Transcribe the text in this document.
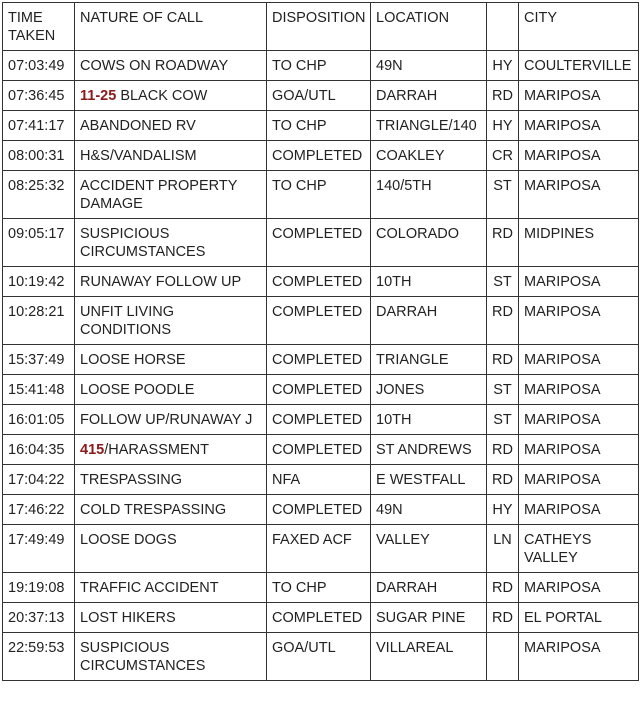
TIME TAKEN	NATURE OF CALL	DISPOSITION	LOCATION		CITY
07:03:49	COWS ON ROADWAY	TO CHP	49N	HY	COULTERVILLE
07:36:45	11-25 BLACK COW	GOA/UTL	DARRAH	RD	MARIPOSA
07:41:17	ABANDONED RV	TO CHP	TRIANGLE/140	HY	MARIPOSA
08:00:31	H&S/VANDALISM	COMPLETED	COAKLEY	CR	MARIPOSA
08:25:32	ACCIDENT PROPERTY DAMAGE	TO CHP	140/5TH	ST	MARIPOSA
09:05:17	SUSPICIOUS CIRCUMSTANCES	COMPLETED	COLORADO	RD	MIDPINES
10:19:42	RUNAWAY FOLLOW UP	COMPLETED	10TH	ST	MARIPOSA
10:28:21	UNFIT LIVING CONDITIONS	COMPLETED	DARRAH	RD	MARIPOSA
15:37:49	LOOSE HORSE	COMPLETED	TRIANGLE	RD	MARIPOSA
15:41:48	LOOSE POODLE	COMPLETED	JONES	ST	MARIPOSA
16:01:05	FOLLOW UP/RUNAWAY J	COMPLETED	10TH	ST	MARIPOSA
16:04:35	415/HARASSMENT	COMPLETED	ST ANDREWS	RD	MARIPOSA
17:04:22	TRESPASSING	NFA	E WESTFALL	RD	MARIPOSA
17:46:22	COLD TRESPASSING	COMPLETED	49N	HY	MARIPOSA
17:49:49	LOOSE DOGS	FAXED ACF	VALLEY	LN	CATHEYS VALLEY
19:19:08	TRAFFIC ACCIDENT	TO CHP	DARRAH	RD	MARIPOSA
20:37:13	LOST HIKERS	COMPLETED	SUGAR PINE	RD	EL PORTAL
22:59:53	SUSPICIOUS CIRCUMSTANCES	GOA/UTL	VILLAREAL		MARIPOSA
